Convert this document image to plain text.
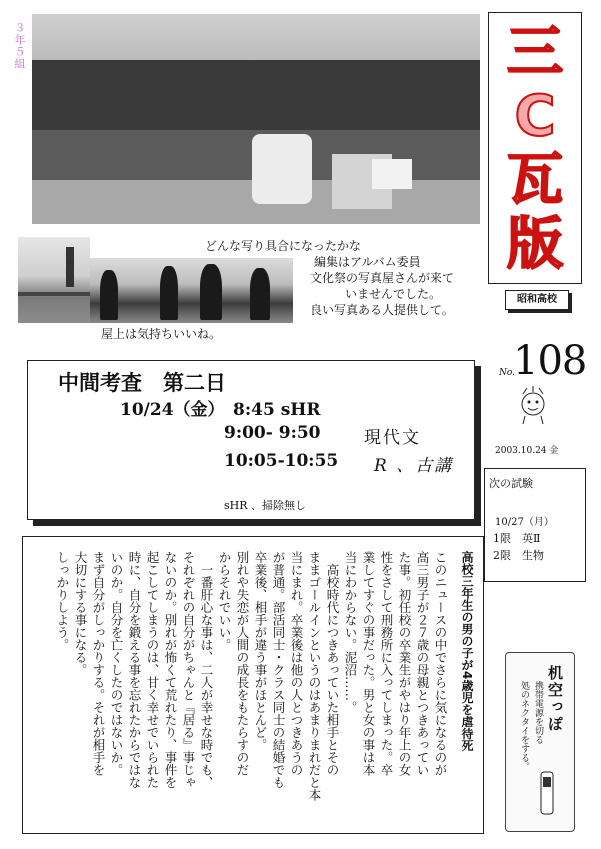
３年５組
どんな写り具合になったかな
編集はアルバム委員
文化祭の写真屋さんが来て
いませんでした。
良い写真ある人提供して。
屋上は気持ちいいね。
三
C
瓦
版
昭和高校
No.
108
2003.10.24 金
中間考査　第二日
10/24（金）　8:45 sHR
9:00- 9:50	現代文
10:05-10:55 R 、古講
sHR 、掃除無し
次の試験
10/27（月）
1限　英Ⅱ
2限　生物
高校三年生の男の子が4歳児を虐待死
このニュースの中でさらに気になるのが
高三男子が２７歳の母親とつきあってい
た事。初任校の卒業生がやはり年上の女
性をさして刑務所に入ってしまった。卒
業してすぐの事だった。男と女の事は本
当にわからない。泥沼……。
　高校時代につきあっていた相手とその
ままゴールインというのはあまりまれだと本
当にまれ。卒業後は他の人とつきあうの
が普通。部活同士・クラス同士の結婚でも
卒業後、相手が違う事がほとんど。
別れや失恋が人間の成長をもたらすのだ
からそれでいい。
　一番肝心な事は、二人が幸せな時でも、
それぞれの自分がちゃんと『居る』事じゃ
ないのか。別れが怖くて荒れたり、事件を
起こしてしまうのは、甘く幸せでいられた
時に、自分を鍛える事を忘れたからではな
いのか。自分を亡くしたのではないか。
まず自分がしっかりする。それが相手を
大切にする事になる。
しっかりしよう。
机空っぽ
携帯電源を切る
処のネクタイをする。
